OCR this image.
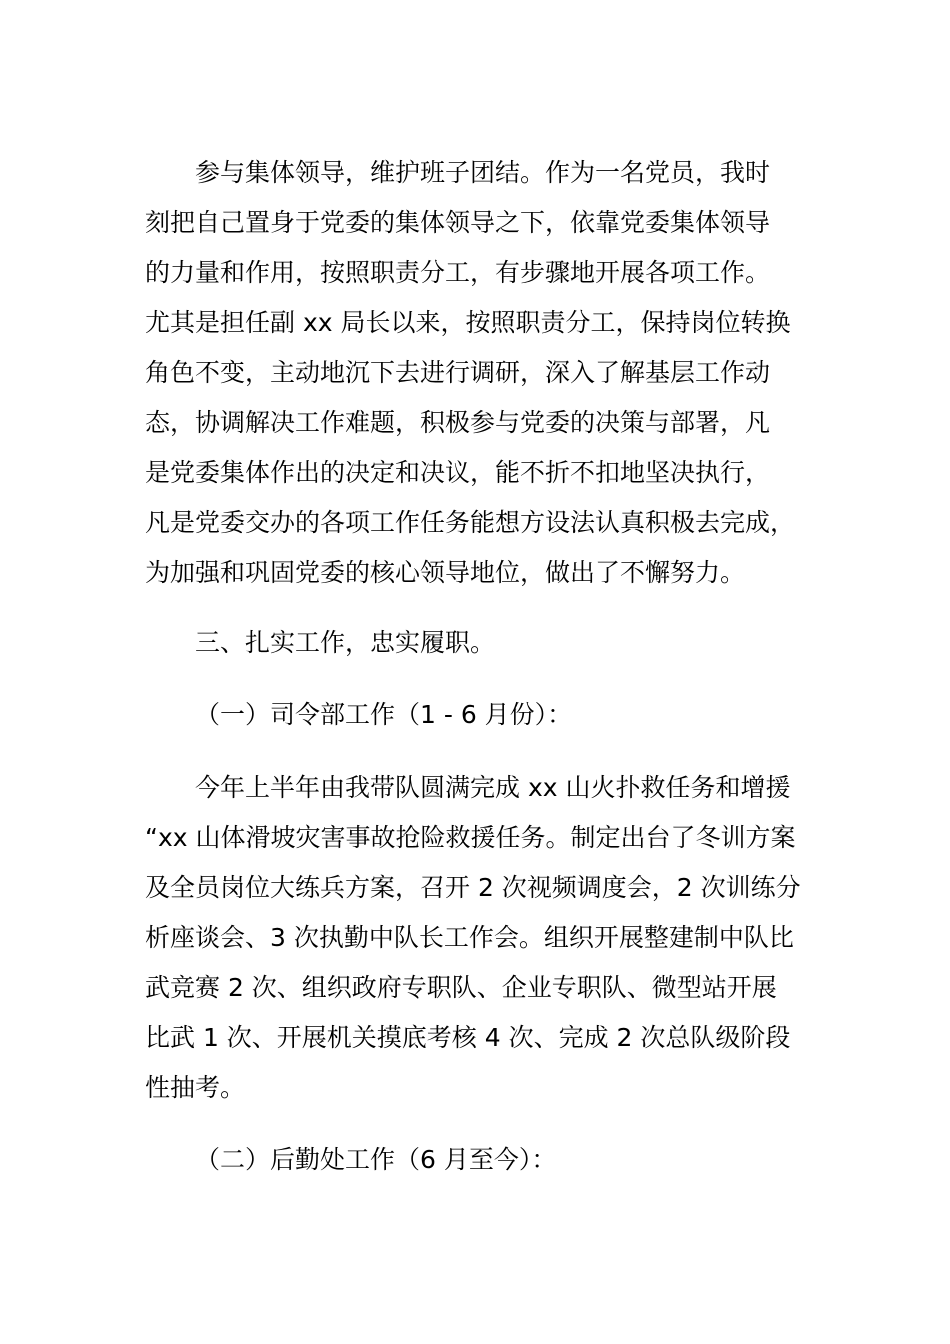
参与集体领导，维护班子团结。作为一名党员，我时
刻把自己置身于党委的集体领导之下，依靠党委集体领导
的力量和作用，按照职责分工，有步骤地开展各项工作。
尤其是担任副 xx 局长以来，按照职责分工，保持岗位转换
角色不变，主动地沉下去进行调研，深入了解基层工作动
态，协调解决工作难题，积极参与党委的决策与部署，凡
是党委集体作出的决定和决议，能不折不扣地坚决执行，
凡是党委交办的各项工作任务能想方设法认真积极去完成，
为加强和巩固党委的核心领导地位，做出了不懈努力。
三、扎实工作，忠实履职。
（一）司令部工作（1 - 6 月份）：
今年上半年由我带队圆满完成 xx 山火扑救任务和增援
“xx 山体滑坡灾害事故抢险救援任务。制定出台了冬训方案
及全员岗位大练兵方案，召开 2 次视频调度会，2 次训练分
析座谈会、3 次执勤中队长工作会。组织开展整建制中队比
武竞赛 2 次、组织政府专职队、企业专职队、微型站开展
比武 1 次、开展机关摸底考核 4 次、完成 2 次总队级阶段
性抽考。
（二）后勤处工作（6 月至今）：
